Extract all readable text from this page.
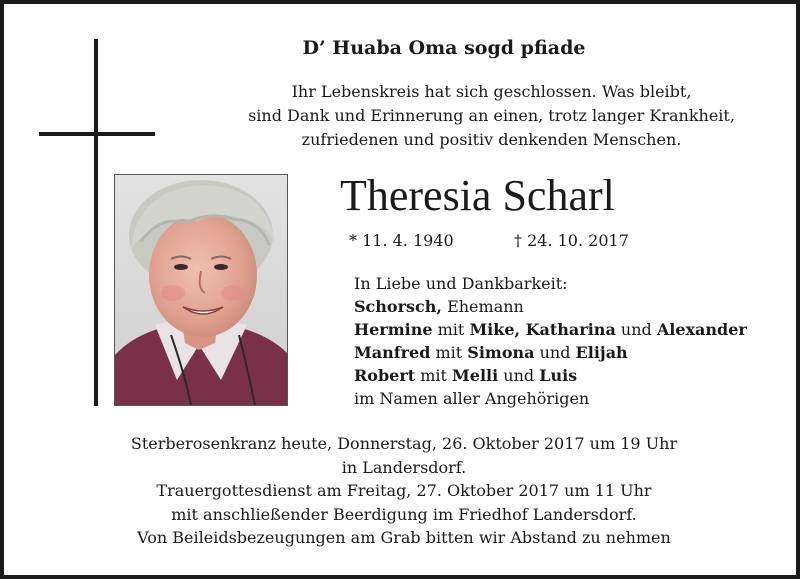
D’ Huaba Oma sogd pfiade
Ihr Lebenskreis hat sich geschlossen. Was bleibt,
sind Dank und Erinnerung an einen, trotz langer Krankheit,
zufriedenen und positiv denkenden Menschen.
Theresia Scharl
* 11. 4. 1940	† 24. 10. 2017
In Liebe und Dankbarkeit:
Schorsch, Ehemann
Hermine mit Mike, Katharina und Alexander
Manfred mit Simona und Elijah
Robert mit Melli und Luis
im Namen aller Angehörigen
Sterberosenkranz heute, Donnerstag, 26. Oktober 2017 um 19 Uhr
in Landersdorf.
Trauergottesdienst am Freitag, 27. Oktober 2017 um 11 Uhr
mit anschließender Beerdigung im Friedhof Landersdorf.
Von Beileidsbezeugungen am Grab bitten wir Abstand zu nehmen
